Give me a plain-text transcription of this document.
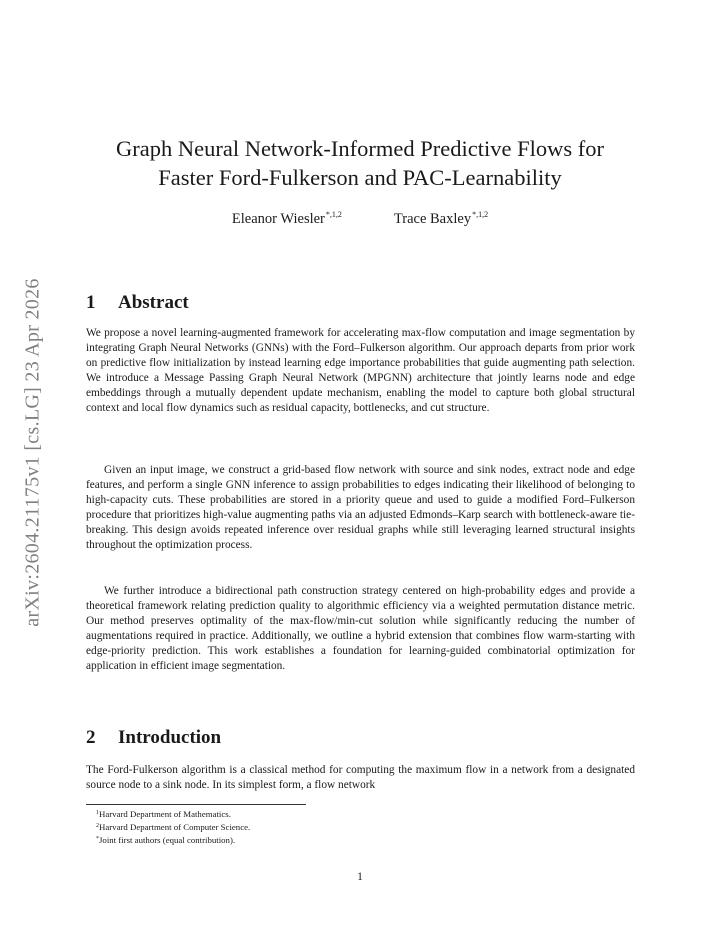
arXiv:2604.21175v1 [cs.LG] 23 Apr 2026
Graph Neural Network-Informed Predictive Flows for
Faster Ford-Fulkerson and PAC-Learnability
Eleanor Wiesler$^{*,1,2}$	Trace Baxley$^{*,1,2}$
1 Abstract

We propose a novel learning-augmented framework for accelerating max-flow computation and image segmentation by integrating Graph Neural Networks (GNNs) with the Ford–Fulkerson algorithm. Our approach departs from prior work on predictive flow initialization by instead learning edge importance probabilities that guide augmenting path selection. We introduce a Message Passing Graph Neural Network (MPGNN) architecture that jointly learns node and edge embeddings through a mutually dependent update mechanism, enabling the model to capture both global structural context and local flow dynamics such as residual capacity, bottlenecks, and cut structure.

Given an input image, we construct a grid-based flow network with source and sink nodes, extract node and edge features, and perform a single GNN inference to assign probabilities to edges indicating their likelihood of belonging to high-capacity cuts. These probabilities are stored in a priority queue and used to guide a modified Ford–Fulkerson procedure that prioritizes high-value augmenting paths via an adjusted Edmonds–Karp search with bottleneck-aware tie-breaking. This design avoids repeated inference over residual graphs while still leveraging learned structural insights throughout the optimization process.

We further introduce a bidirectional path construction strategy centered on high-probability edges and provide a theoretical framework relating prediction quality to algorithmic efficiency via a weighted permutation distance metric. Our method preserves optimality of the max-flow/min-cut solution while significantly reducing the number of augmentations required in practice. Additionally, we outline a hybrid extension that combines flow warm-starting with edge-priority prediction. This work establishes a foundation for learning-guided combinatorial optimization for application in efficient image segmentation.

2 Introduction

The Ford-Fulkerson algorithm is a classical method for computing the maximum flow in a network from a designated source node to a sink node. In its simplest form, a flow network

$^1$Harvard Department of Mathematics.
$^2$Harvard Department of Computer Science.
*Joint first authors (equal contribution).
1
